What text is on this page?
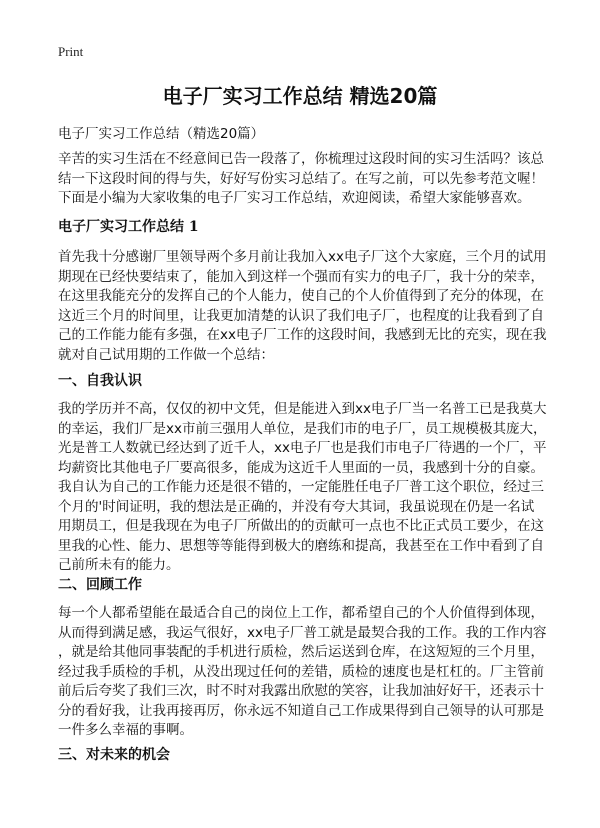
Print
电子厂实习工作总结 精选20篇
电子厂实习工作总结（精选20篇）

辛苦的实习生活在不经意间已告一段落了，你梳理过这段时间的实习生活吗？该总
结一下这段时间的得与失，好好写份实习总结了。在写之前，可以先参考范文喔！
下面是小编为大家收集的电子厂实习工作总结，欢迎阅读，希望大家能够喜欢。

电子厂实习工作总结 1

首先我十分感谢厂里领导两个多月前让我加入xx电子厂这个大家庭，三个月的试用
期现在已经快要结束了，能加入到这样一个强而有实力的电子厂，我十分的荣幸，
在这里我能充分的发挥自己的个人能力，使自己的个人价值得到了充分的体现，在
这近三个月的时间里，让我更加清楚的认识了我们电子厂，也程度的让我看到了自
己的工作能力能有多强，在xx电子厂工作的这段时间，我感到无比的充实，现在我
就对自己试用期的工作做一个总结：

一、自我认识

我的学历并不高，仅仅的初中文凭，但是能进入到xx电子厂当一名普工已是我莫大
的幸运，我们厂是xx市前三强用人单位，是我们市的电子厂，员工规模极其庞大，
光是普工人数就已经达到了近千人，xx电子厂也是我们市电子厂待遇的一个厂，平
均薪资比其他电子厂要高很多，能成为这近千人里面的一员，我感到十分的自豪。
我自认为自己的工作能力还是很不错的，一定能胜任电子厂普工这个职位，经过三
个月的'时间证明，我的想法是正确的，并没有夸大其词，我虽说现在仍是一名试
用期员工，但是我现在为电子厂所做出的的贡献可一点也不比正式员工要少，在这
里我的心性、能力、思想等等能得到极大的磨练和提高，我甚至在工作中看到了自
己前所未有的能力。

二、回顾工作

每一个人都希望能在最适合自己的岗位上工作，都希望自己的个人价值得到体现，
从而得到满足感，我运气很好，xx电子厂普工就是最契合我的工作。我的工作内容
，就是给其他同事装配的手机进行质检，然后运送到仓库，在这短短的三个月里，
经过我手质检的手机，从没出现过任何的差错，质检的速度也是杠杠的。厂主管前
前后后夸奖了我们三次，时不时对我露出欣慰的笑容，让我加油好好干，还表示十
分的看好我，让我再接再厉，你永远不知道自己工作成果得到自己领导的认可那是
一件多么幸福的事啊。

三、对未来的机会
